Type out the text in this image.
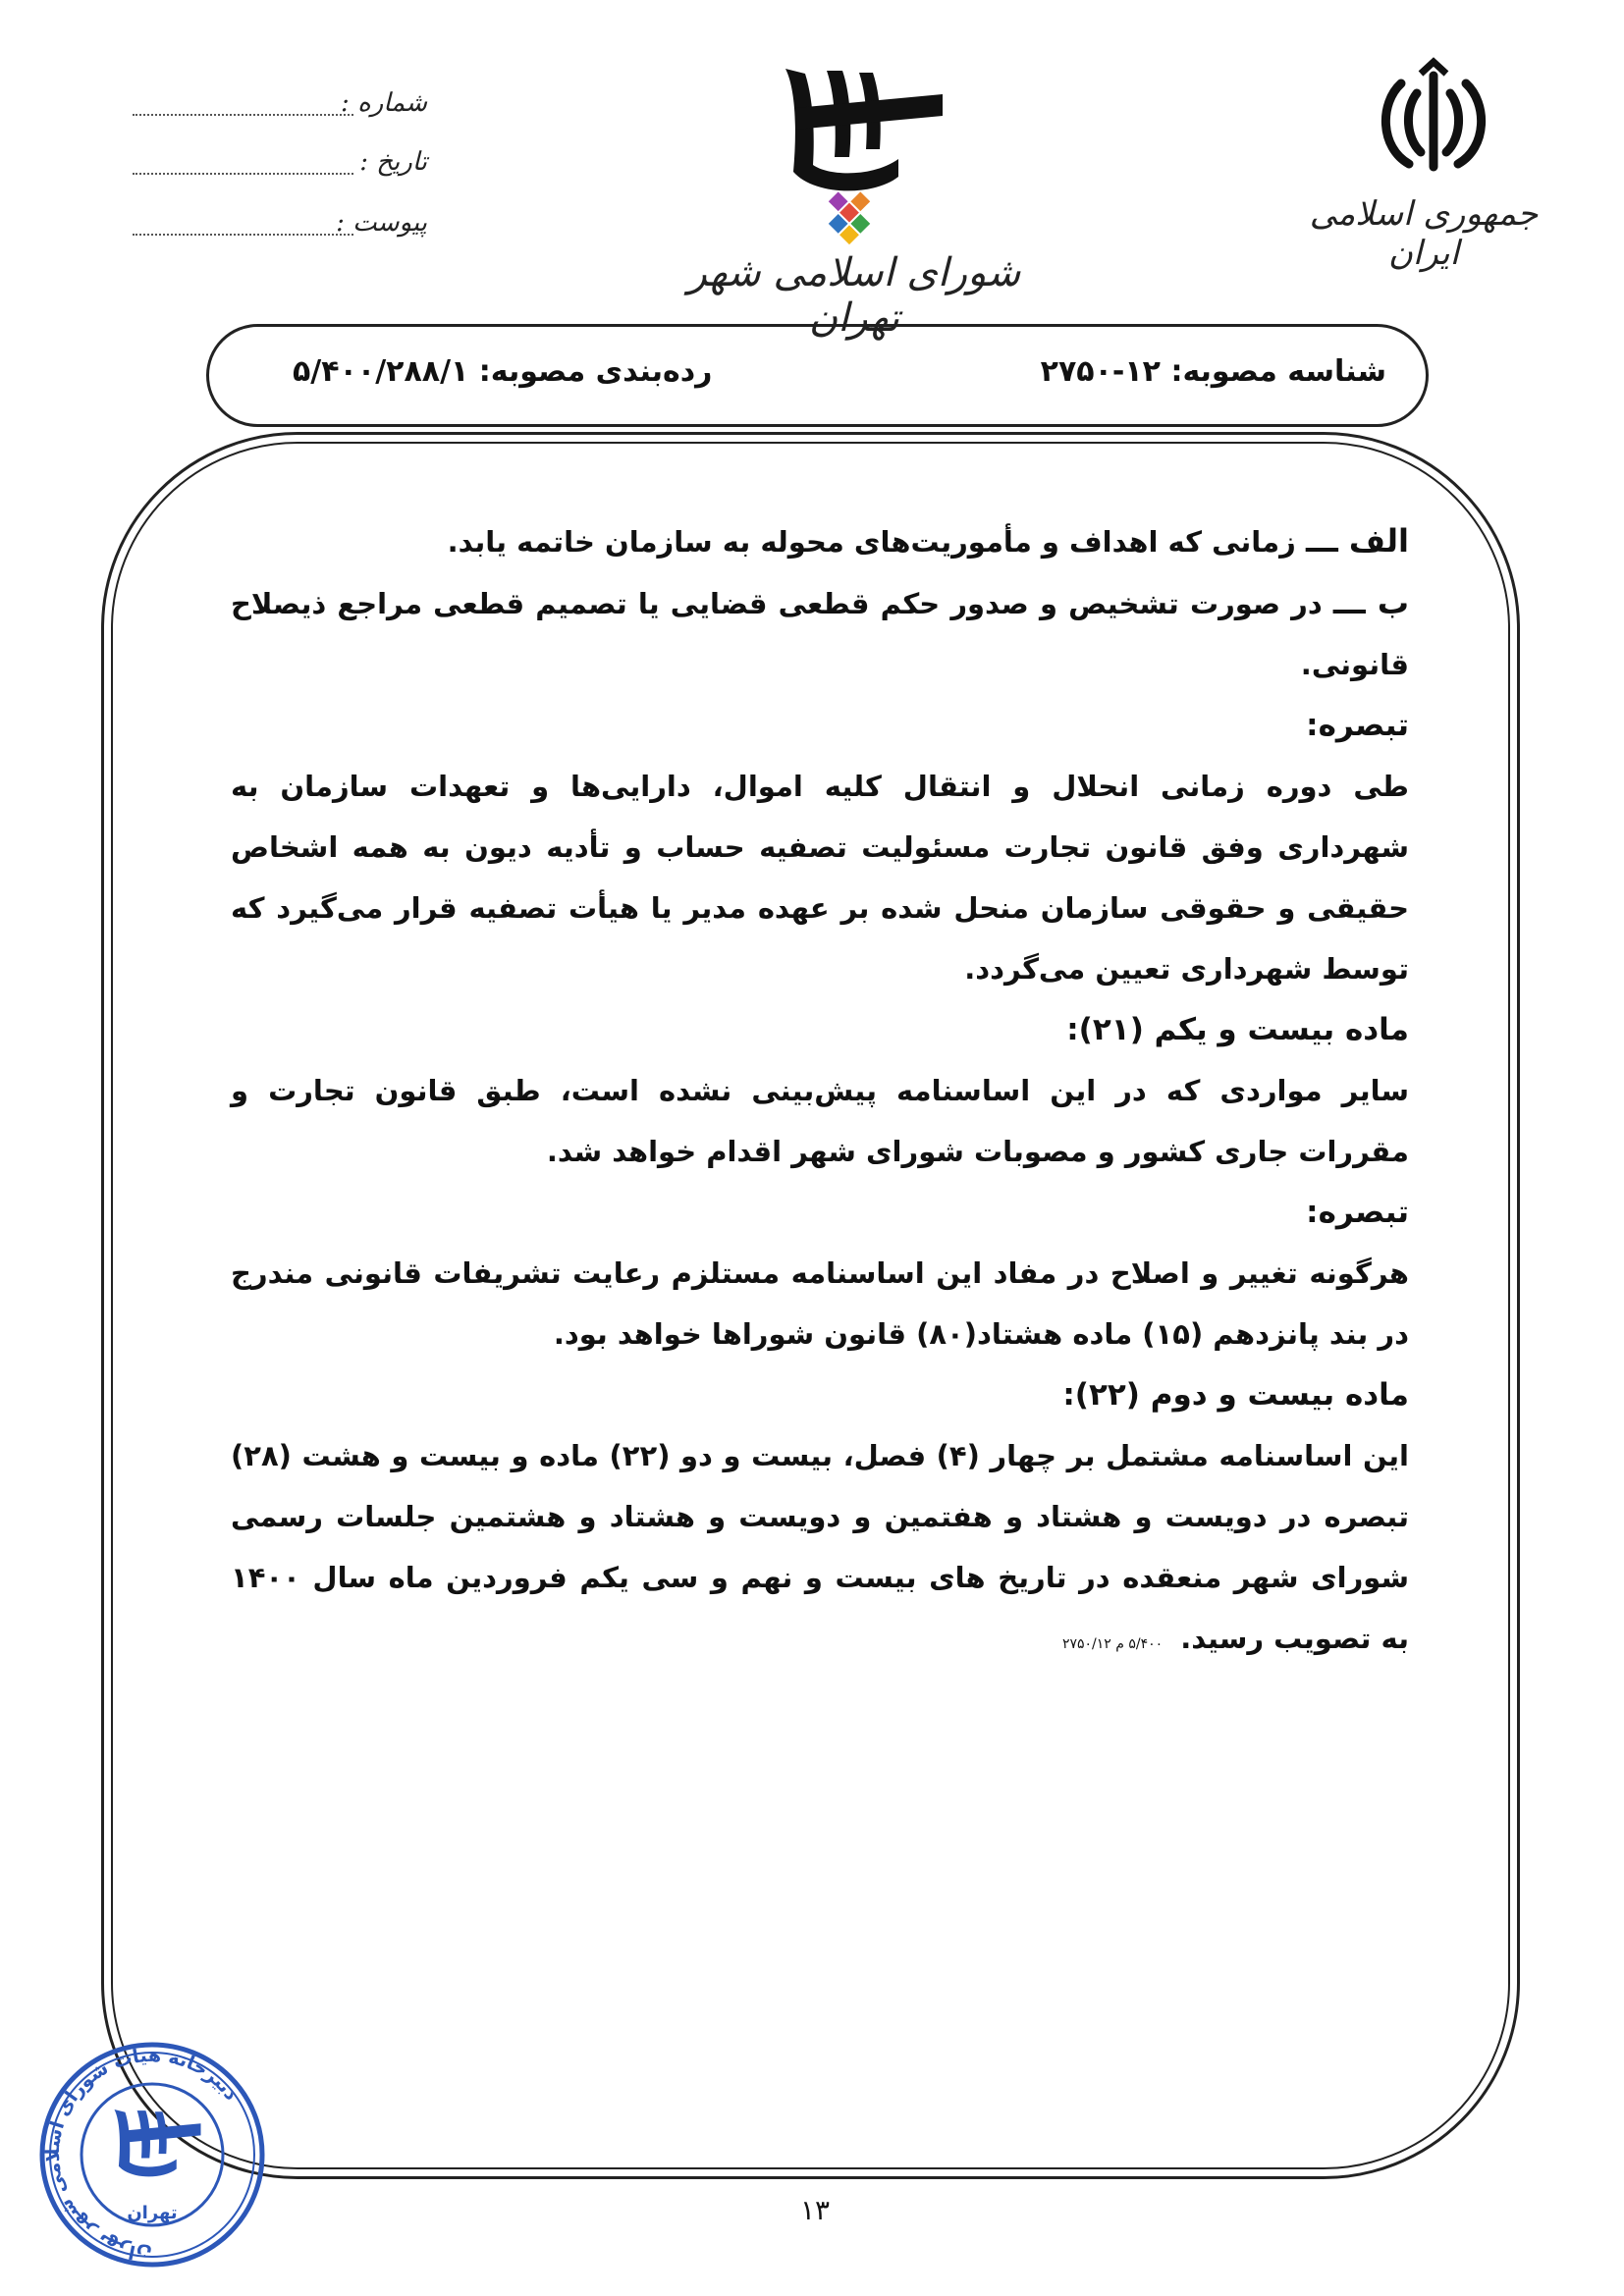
جمهوری اسلامی ایران
شورای اسلامی شهر تهران
شماره :
تاریخ :
پیوست :
شناسه مصوبه: ۱۲-۲۷۵۰
رده‌بندی مصوبه: ۵/۴۰۰/۲۸۸/۱

الف ـــ زمانی که اهداف و مأموریت‌های محوله به سازمان خاتمه یابد.

ب ـــ در صورت تشخیص و صدور حکم قطعی قضایی یا تصمیم قطعی مراجع ذیصلاح قانونی.

تبصره:

طی دوره زمانی انحلال و انتقال کلیه اموال، دارایی‌ها و تعهدات سازمان به شهرداری وفق قانون تجارت مسئولیت تصفیه حساب و تأدیه دیون به همه اشخاص حقیقی و حقوقی سازمان منحل شده بر عهده مدیر یا هیأت تصفیه قرار می‌گیرد که توسط شهرداری تعیین می‌گردد.

ماده بیست و یکم (۲۱):

سایر مواردی که در این اساسنامه پیش‌بینی نشده است، طبق قانون تجارت و مقررات جاری کشور و مصوبات شورای شهر اقدام خواهد شد.

تبصره:

هرگونه تغییر و اصلاح در مفاد این اساسنامه مستلزم رعایت تشریفات قانونی مندرج در بند پانزدهم (۱۵) ماده هشتاد(۸۰) قانون شوراها خواهد بود.

ماده بیست و دوم (۲۲):

این اساسنامه مشتمل بر چهار (۴) فصل، بیست و دو (۲۲) ماده و بیست و هشت (۲۸) تبصره در دویست و هشتاد و هفتمین و دویست و هشتاد و هشتمین جلسات رسمی شورای شهر منعقده در تاریخ های بیست و نهم و سی یکم فروردین ماه سال ۱۴۰۰ به تصویب رسید. ۵/۴۰۰ م ۲۷۵۰/۱۲

۱۳
دبیرخانه هیات شورای اسلامی شهر تهران
تهران
